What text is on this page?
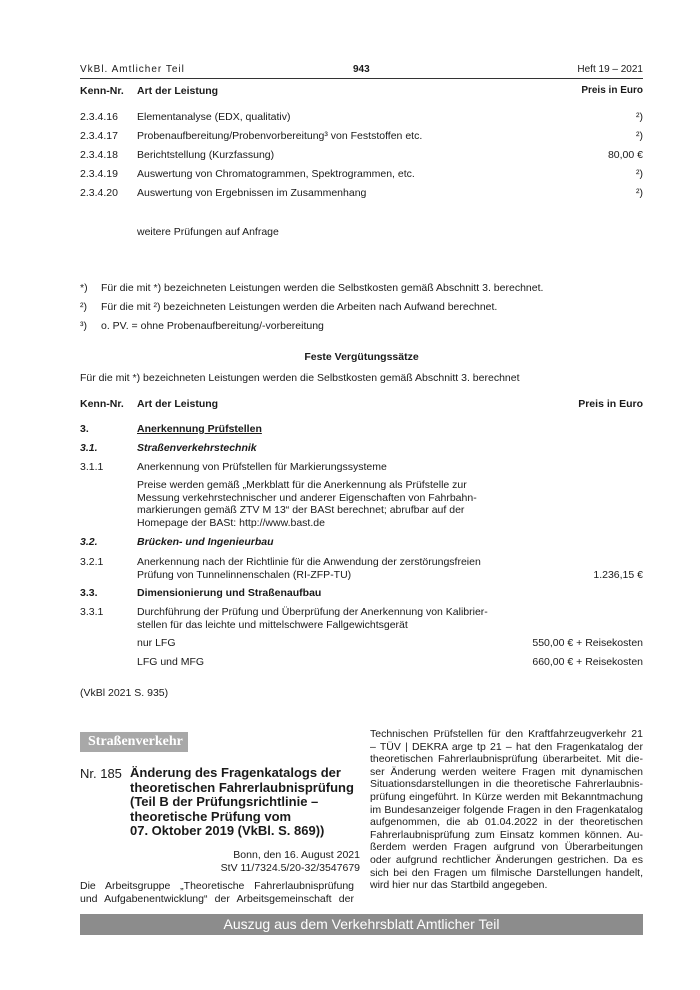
VkBl. Amtlicher Teil	943	Heft 19 – 2021
Kenn-Nr. Art der Leistung	Preis in Euro
2.3.4.16 Elementanalyse (EDX, qualitativ)	²)
2.3.4.17 Probenaufbereitung/Probenvorbereitung³ von Feststoffen etc.	²)
2.3.4.18 Berichtstellung (Kurzfassung)	80,00 €
2.3.4.19 Auswertung von Chromatogrammen, Spektrogrammen, etc.	²)
2.3.4.20 Auswertung von Ergebnissen im Zusammenhang	²)
weitere Prüfungen auf Anfrage
*) Für die mit *) bezeichneten Leistungen werden die Selbstkosten gemäß Abschnitt 3. berechnet.
²) Für die mit ²) bezeichneten Leistungen werden die Arbeiten nach Aufwand berechnet.
³) o. PV. = ohne Probenaufbereitung/-vorbereitung
Feste Vergütungssätze
Für die mit *) bezeichneten Leistungen werden die Selbstkosten gemäß Abschnitt 3. berechnet
Kenn-Nr. Art der Leistung	Preis in Euro
3.	Anerkennung Prüfstellen
3.1.	Straßenverkehrstechnik
3.1.1	Anerkennung von Prüfstellen für Markierungssysteme
Preise werden gemäß „Merkblatt für die Anerkennung als Prüfstelle zur
Messung verkehrstechnischer und anderer Eigenschaften von Fahrbahn-
markierungen gemäß ZTV M 13“ der BASt berechnet; abrufbar auf der
Homepage der BASt: http://www.bast.de
3.2.	Brücken- und Ingenieurbau
3.2.1	Anerkennung nach der Richtlinie für die Anwendung der zerstörungsfreien
Prüfung von Tunnelinnenschalen (RI-ZFP-TU)	1.236,15 €
3.3.	Dimensionierung und Straßenaufbau
3.3.1	Durchführung der Prüfung und Überprüfung der Anerkennung von Kalibrier-
stellen für das leichte und mittelschwere Fallgewichtsgerät
nur LFG	550,00 € + Reisekosten
LFG und MFG	660,00 € + Reisekosten
(VkBl 2021 S. 935)
Straßenverkehr
Nr. 185 Änderung des Fragenkatalogs der
theoretischen Fahrerlaubnisprüfung
(Teil B der Prüfungsrichtlinie –
theoretische Prüfung vom
07. Oktober 2019 (VkBl. S. 869))
Bonn, den 16. August 2021
StV 11/7324.5/20-32/3547679
Die Arbeitsgruppe „Theoretische Fahrerlaubnisprüfung
und Aufgabenentwicklung“ der Arbeitsgemeinschaft der
Technischen Prüfstellen für den Kraftfahrzeugverkehr 21
– TÜV | DEKRA arge tp 21 – hat den Fragenkatalog der
theoretischen Fahrerlaubnisprüfung überarbeitet. Mit die-
ser Änderung werden weitere Fragen mit dynamischen
Situationsdarstellungen in die theoretische Fahrerlaubnis-
prüfung eingeführt. In Kürze werden mit Bekanntmachung
im Bundesanzeiger folgende Fragen in den Fragenkatalog
aufgenommen, die ab 01.04.2022 in der theoretischen
Fahrerlaubnisprüfung zum Einsatz kommen können. Au-
ßerdem werden Fragen aufgrund von Überarbeitungen
oder aufgrund rechtlicher Änderungen gestrichen. Da es
sich bei den Fragen um filmische Darstellungen handelt,
wird hier nur das Startbild angegeben.
Auszug aus dem Verkehrsblatt Amtlicher Teil
